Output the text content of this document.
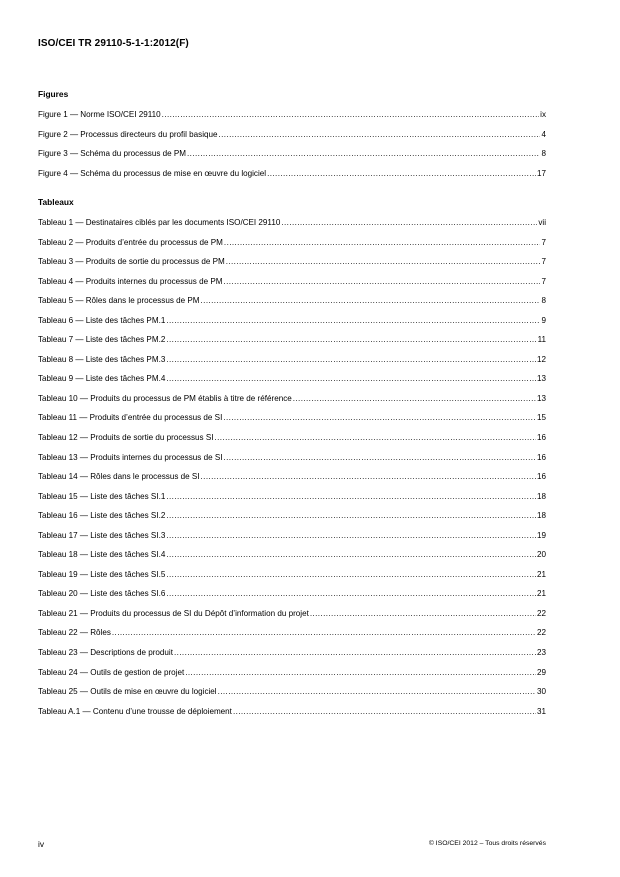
ISO/CEI TR 29110-5-1-1:2012(F)
Figures
Figure 1 — Norme ISO/CEI 29110 .....	ix
Figure 2 — Processus directeurs du profil basique .....	4
Figure 3 — Schéma du processus de PM .....	8
Figure 4 — Schéma du processus de mise en œuvre du logiciel .....	17
Tableaux
Tableau 1 — Destinataires ciblés par les documents ISO/CEI 29110 .....	vii
Tableau 2 — Produits d’entrée du processus de PM .....	7
Tableau 3 — Produits de sortie du processus de PM .....	7
Tableau 4 — Produits internes du processus de PM .....	7
Tableau 5 — Rôles dans le processus de PM .....	8
Tableau 6 — Liste des tâches PM.1 .....	9
Tableau 7 — Liste des tâches PM.2 .....	11
Tableau 8 — Liste des tâches PM.3 .....	12
Tableau 9 — Liste des tâches PM.4 .....	13
Tableau 10 — Produits du processus de PM établis à titre de référence .....	13
Tableau 11 — Produits d’entrée du processus de SI .....	15
Tableau 12 — Produits de sortie du processus SI .....	16
Tableau 13 — Produits internes du processus de SI .....	16
Tableau 14 — Rôles dans le processus de SI .....	16
Tableau 15 — Liste des tâches SI.1 .....	18
Tableau 16 — Liste des tâches SI.2 .....	18
Tableau 17 — Liste des tâches SI.3 .....	19
Tableau 18 — Liste des tâches SI.4 .....	20
Tableau 19 — Liste des tâches SI.5 .....	21
Tableau 20 — Liste des tâches SI.6 .....	21
Tableau 21 — Produits du processus de SI du Dépôt d’information du projet .....	22
Tableau 22 — Rôles .....	22
Tableau 23 — Descriptions de produit .....	23
Tableau 24 — Outils de gestion de projet .....	29
Tableau 25 — Outils de mise en œuvre du logiciel .....	30
Tableau A.1 — Contenu d’une trousse de déploiement .....	31
iv	© ISO/CEI 2012 – Tous droits réservés
